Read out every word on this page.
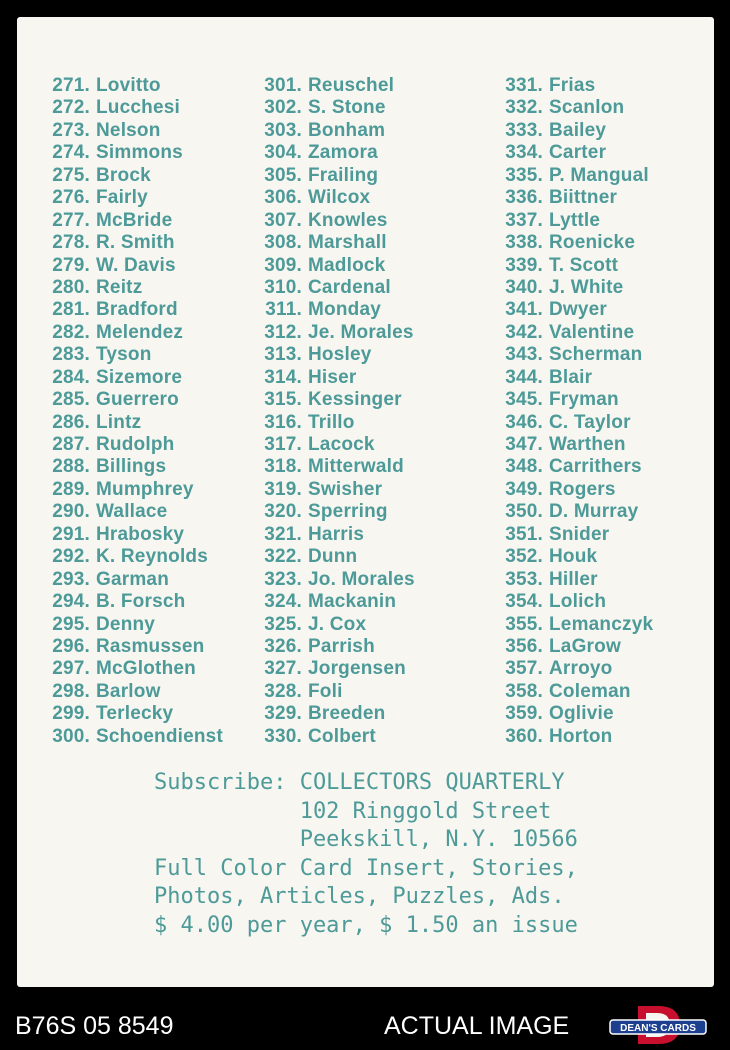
271. Lovitto
272. Lucchesi
273. Nelson
274. Simmons
275. Brock
276. Fairly
277. McBride
278. R. Smith
279. W. Davis
280. Reitz
281. Bradford
282. Melendez
283. Tyson
284. Sizemore
285. Guerrero
286. Lintz
287. Rudolph
288. Billings
289. Mumphrey
290. Wallace
291. Hrabosky
292. K. Reynolds
293. Garman
294. B. Forsch
295. Denny
296. Rasmussen
297. McGlothen
298. Barlow
299. Terlecky
300. Schoendienst
301. Reuschel
302. S. Stone
303. Bonham
304. Zamora
305. Frailing
306. Wilcox
307. Knowles
308. Marshall
309. Madlock
310. Cardenal
311. Monday
312. Je. Morales
313. Hosley
314. Hiser
315. Kessinger
316. Trillo
317. Lacock
318. Mitterwald
319. Swisher
320. Sperring
321. Harris
322. Dunn
323. Jo. Morales
324. Mackanin
325. J. Cox
326. Parrish
327. Jorgensen
328. Foli
329. Breeden
330. Colbert
331. Frias
332. Scanlon
333. Bailey
334. Carter
335. P. Mangual
336. Biittner
337. Lyttle
338. Roenicke
339. T. Scott
340. J. White
341. Dwyer
342. Valentine
343. Scherman
344. Blair
345. Fryman
346. C. Taylor
347. Warthen
348. Carrithers
349. Rogers
350. D. Murray
351. Snider
352. Houk
353. Hiller
354. Lolich
355. Lemanczyk
356. LaGrow
357. Arroyo
358. Coleman
359. Oglivie
360. Horton
Subscribe: COLLECTORS QUARTERLY
102 Ringgold Street
Peekskill, N.Y. 10566
Full Color Card Insert, Stories,
Photos, Articles, Puzzles, Ads.
$ 4.00 per year, $ 1.50 an issue
B76S 05 8549	ACTUAL IMAGE	DEAN'S CARDS
